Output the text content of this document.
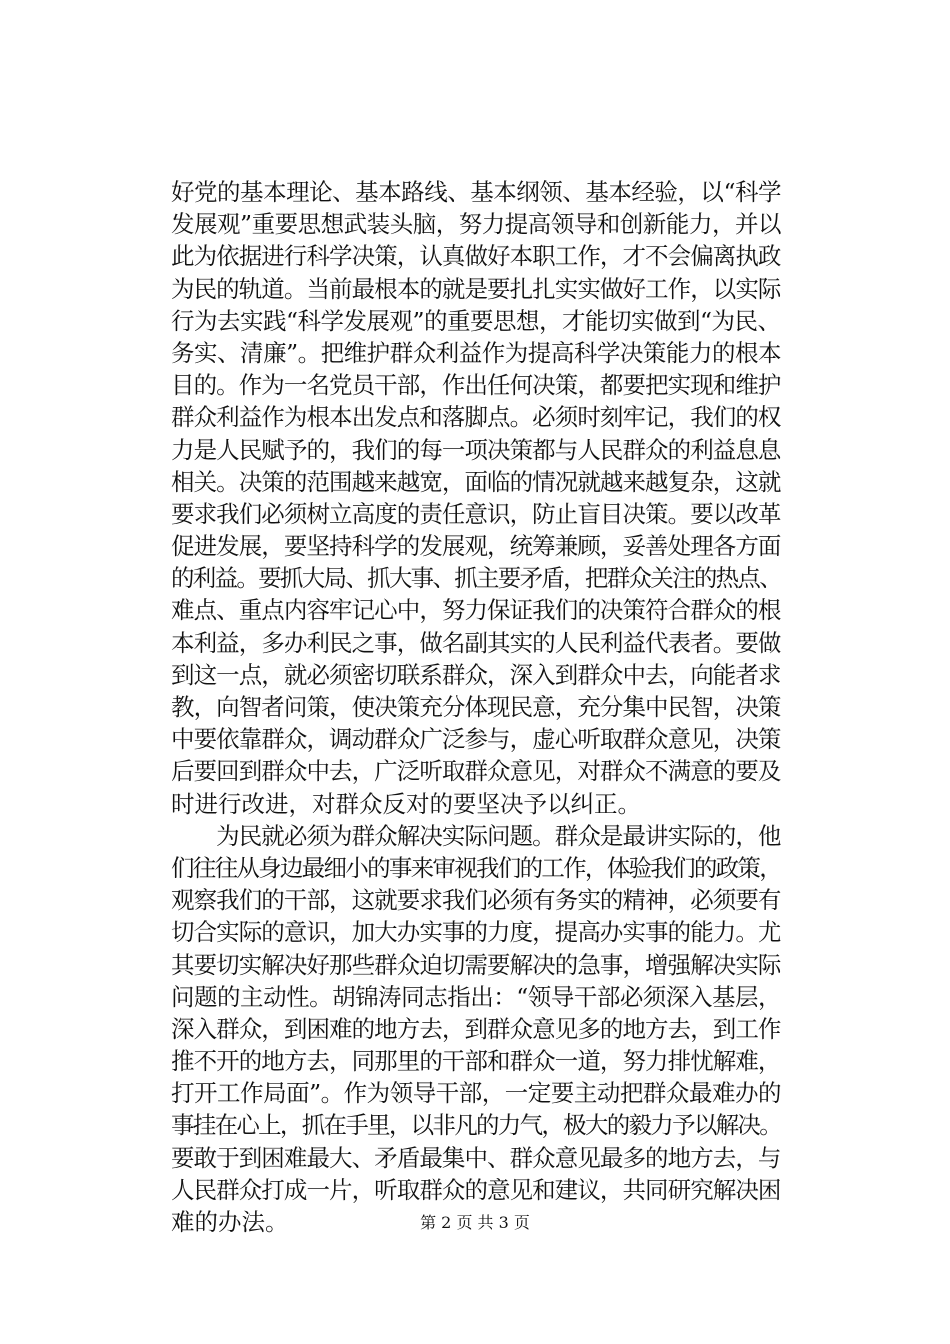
好党的基本理论、基本路线、基本纲领、基本经验，以“科学
发展观”重要思想武装头脑，努力提高领导和创新能力，并以
此为依据进行科学决策，认真做好本职工作，才不会偏离执政
为民的轨道。当前最根本的就是要扎扎实实做好工作，以实际
行为去实践“科学发展观”的重要思想，才能切实做到“为民、
务实、清廉”。把维护群众利益作为提高科学决策能力的根本
目的。作为一名党员干部，作出任何决策，都要把实现和维护
群众利益作为根本出发点和落脚点。必须时刻牢记，我们的权
力是人民赋予的，我们的每一项决策都与人民群众的利益息息
相关。决策的范围越来越宽，面临的情况就越来越复杂，这就
要求我们必须树立高度的责任意识，防止盲目决策。要以改革
促进发展，要坚持科学的发展观，统筹兼顾，妥善处理各方面
的利益。要抓大局、抓大事、抓主要矛盾，把群众关注的热点、
难点、重点内容牢记心中，努力保证我们的决策符合群众的根
本利益，多办利民之事，做名副其实的人民利益代表者。要做
到这一点，就必须密切联系群众，深入到群众中去，向能者求
教，向智者问策，使决策充分体现民意，充分集中民智，决策
中要依靠群众，调动群众广泛参与，虚心听取群众意见，决策
后要回到群众中去，广泛听取群众意见，对群众不满意的要及
时进行改进，对群众反对的要坚决予以纠正。
　　为民就必须为群众解决实际问题。群众是最讲实际的，他
们往往从身边最细小的事来审视我们的工作，体验我们的政策，
观察我们的干部，这就要求我们必须有务实的精神，必须要有
切合实际的意识，加大办实事的力度，提高办实事的能力。尤
其要切实解决好那些群众迫切需要解决的急事，增强解决实际
问题的主动性。胡锦涛同志指出：“领导干部必须深入基层，
深入群众，到困难的地方去，到群众意见多的地方去，到工作
推不开的地方去，同那里的干部和群众一道，努力排忧解难，
打开工作局面”。作为领导干部，一定要主动把群众最难办的
事挂在心上，抓在手里，以非凡的力气，极大的毅力予以解决。
要敢于到困难最大、矛盾最集中、群众意见最多的地方去，与
人民群众打成一片，听取群众的意见和建议，共同研究解决困
难的办法。	第 2 页 共 3 页
